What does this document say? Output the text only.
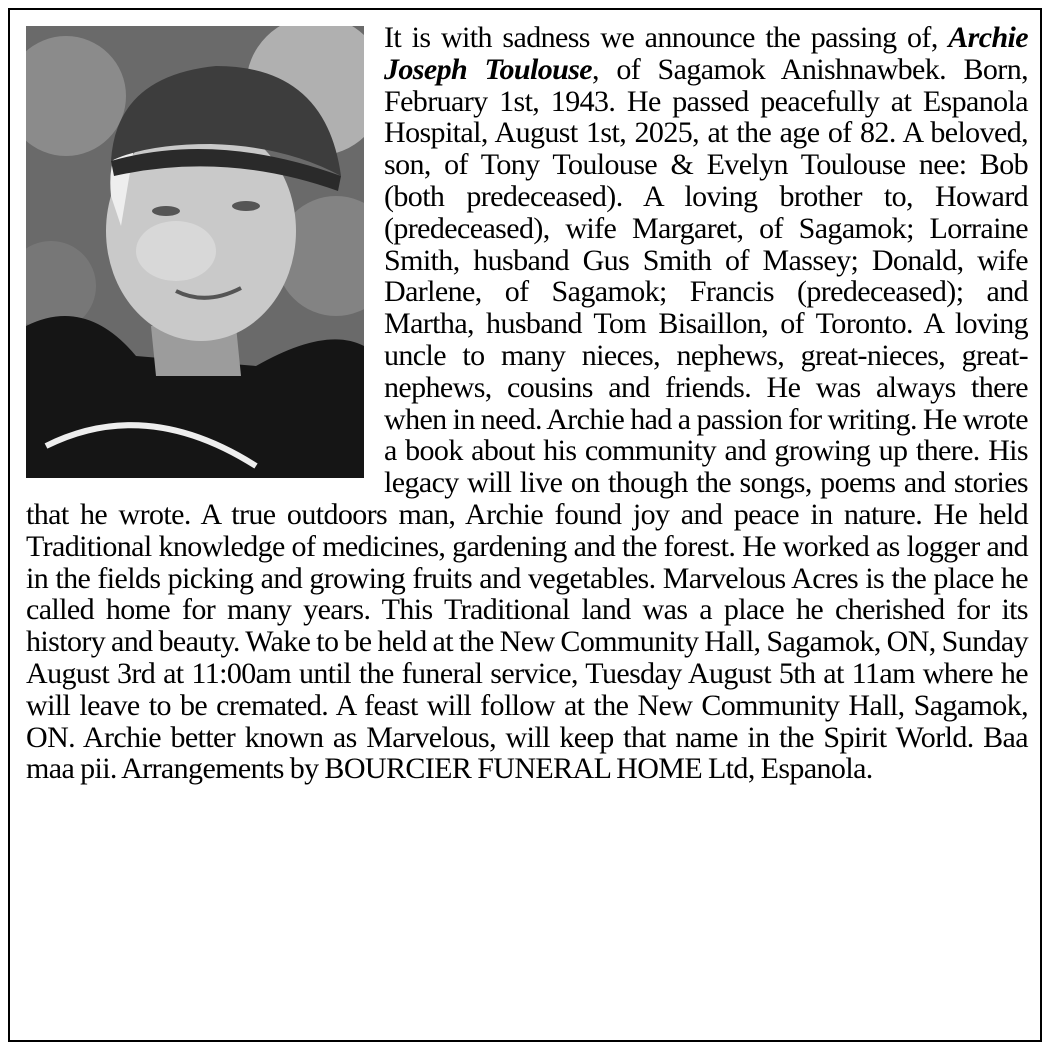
It is with sadness we announce the passing of, Archie Joseph Toulouse, of Sagamok Anishnawbek. Born, February 1st, 1943. He passed peacefully at Espanola Hospital, August 1st, 2025, at the age of 82. A beloved, son, of Tony Toulouse & Evelyn Toulouse nee: Bob (both predeceased). A loving brother to, Howard (predeceased), wife Margaret, of Sagamok; Lorraine Smith, husband Gus Smith of Massey; Donald, wife Darlene, of Sagamok; Francis (predeceased); and Martha, husband Tom Bisaillon, of Toronto. A loving uncle to many nieces, nephews, great-nieces, great-nephews, cousins and friends. He was always there when in need. Archie had a passion for writing. He wrote a book about his community and growing up there. His legacy will live on though the songs, poems and stories that he wrote. A true outdoors man, Archie found joy and peace in nature. He held Traditional knowledge of medicines, gardening and the forest. He worked as logger and in the fields picking and growing fruits and vegetables. Marvelous Acres is the place he called home for many years. This Traditional land was a place he cherished for its history and beauty. Wake to be held at the New Community Hall, Sagamok, ON, Sunday August 3rd at 11:00am until the funeral service, Tuesday August 5th at 11am where he will leave to be cremated. A feast will follow at the New Community Hall, Sagamok, ON. Archie better known as Marvelous, will keep that name in the Spirit World. Baa maa pii. Arrangements by BOURCIER FUNERAL HOME Ltd, Espanola.
